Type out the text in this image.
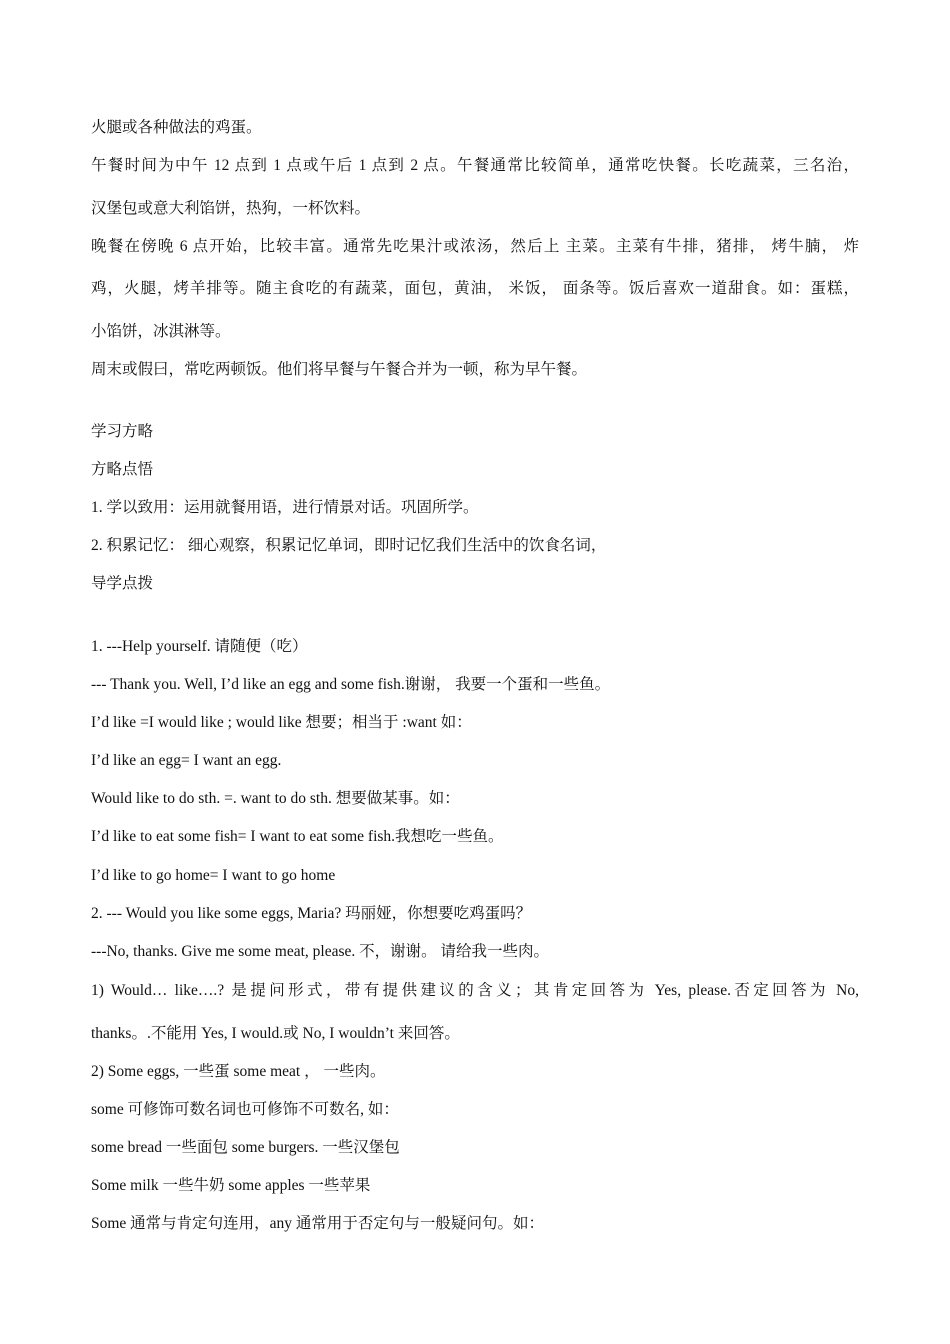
火腿或各种做法的鸡蛋。

午餐时间为中午 12 点到 1 点或午后 1 点到 2 点。午餐通常比较简单，通常吃快餐。长吃蔬菜，三名治，

汉堡包或意大利馅饼，热狗，一杯饮料。

晚餐在傍晚 6 点开始，比较丰富。通常先吃果汁或浓汤，然后上 主菜。主菜有牛排，猪排， 烤牛腩， 炸

鸡，火腿，烤羊排等。随主食吃的有蔬菜，面包，黄油， 米饭， 面条等。饭后喜欢一道甜食。如：蛋糕，

小馅饼，冰淇淋等。

周末或假曰，常吃两顿饭。他们将早餐与午餐合并为一顿，称为早午餐。

学习方略

方略点悟

1. 学以致用：运用就餐用语，进行情景对话。巩固所学。

2. 积累记忆： 细心观察，积累记忆单词，即时记忆我们生活中的饮食名词，

导学点拨

1. ---Help yourself. 请随便（吃）

--- Thank you. Well, I’d like an egg and some fish.谢谢， 我要一个蛋和一些鱼。

I’d like =I would like ; would like 想要；相当于 :want 如：

I’d like an egg= I want an egg.

Would like to do sth. =. want to do sth. 想要做某事。如：

I’d like to eat some fish= I want to eat some fish.我想吃一些鱼。

I’d like to go home= I want to go home

2. --- Would you like some eggs, Maria? 玛丽娅，你想要吃鸡蛋吗？

---No, thanks. Give me some meat, please. 不，谢谢。 请给我一些肉。

1) Would… like….? 是提问形式，带有提供建议的含义；其肯定回答为 Yes, please.否定回答为 No,

thanks。.不能用 Yes, I would.或 No, I wouldn’t 来回答。

2) Some eggs, 一些蛋 some meat ， 一些肉。

some 可修饰可数名词也可修饰不可数名, 如：

some bread 一些面包 some burgers. 一些汉堡包

Some milk 一些牛奶 some apples 一些苹果

Some 通常与肯定句连用，any 通常用于否定句与一般疑问句。如：
